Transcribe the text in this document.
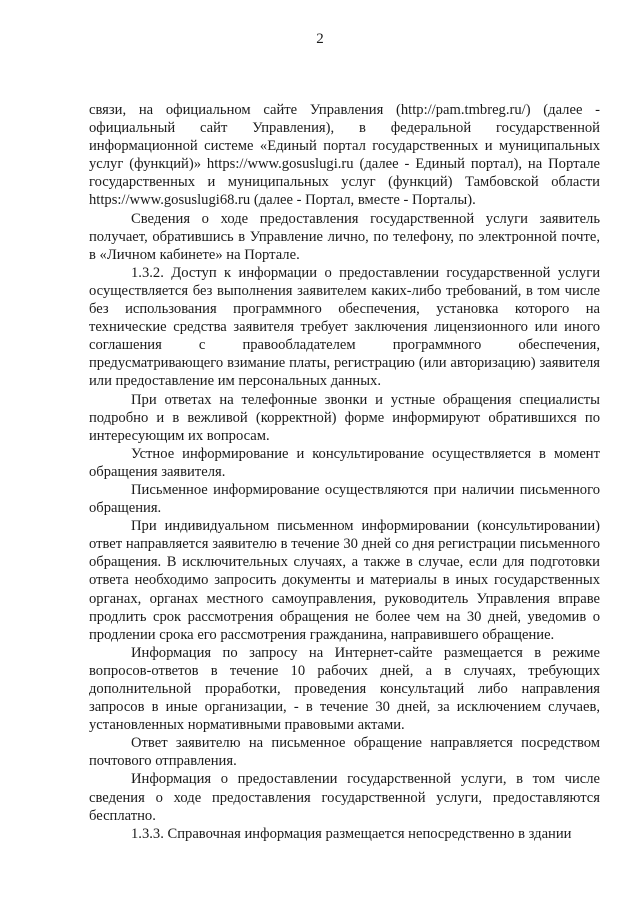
2

связи, на официальном сайте Управления (http://pam.tmbreg.ru/) (далее - официальный сайт Управления), в федеральной государственной информационной системе «Единый портал государственных и муниципальных услуг (функций)» https://www.gosuslugi.ru (далее - Единый портал), на Портале государственных и муниципальных услуг (функций) Тамбовской области https://www.gosuslugi68.ru (далее - Портал, вместе - Порталы).

Сведения о ходе предоставления государственной услуги заявитель получает, обратившись в Управление лично, по телефону, по электронной почте, в «Личном кабинете» на Портале.

1.3.2. Доступ к информации о предоставлении государственной услуги осуществляется без выполнения заявителем каких-либо требований, в том числе без использования программного обеспечения, установка которого на технические средства заявителя требует заключения лицензионного или иного соглашения с правообладателем программного обеспечения, предусматривающего взимание платы, регистрацию (или авторизацию) заявителя или предоставление им персональных данных.

При ответах на телефонные звонки и устные обращения специалисты подробно и в вежливой (корректной) форме информируют обратившихся по интересующим их вопросам.

Устное информирование и консультирование осуществляется в момент обращения заявителя.

Письменное информирование осуществляются при наличии письменного обращения.

При индивидуальном письменном информировании (консультировании) ответ направляется заявителю в течение 30 дней со дня регистрации письменного обращения. В исключительных случаях, а также в случае, если для подготовки ответа необходимо запросить документы и материалы в иных государственных органах, органах местного самоуправления, руководитель Управления вправе продлить срок рассмотрения обращения не более чем на 30 дней, уведомив о продлении срока его рассмотрения гражданина, направившего обращение.

Информация по запросу на Интернет-сайте размещается в режиме вопросов-ответов в течение 10 рабочих дней, а в случаях, требующих дополнительной проработки, проведения консультаций либо направления запросов в иные организации, - в течение 30 дней, за исключением случаев, установленных нормативными правовыми актами.

Ответ заявителю на письменное обращение направляется посредством почтового отправления.

Информация о предоставлении государственной услуги, в том числе сведения о ходе предоставления государственной услуги, предоставляются бесплатно.

1.3.3. Справочная информация размещается непосредственно в здании
